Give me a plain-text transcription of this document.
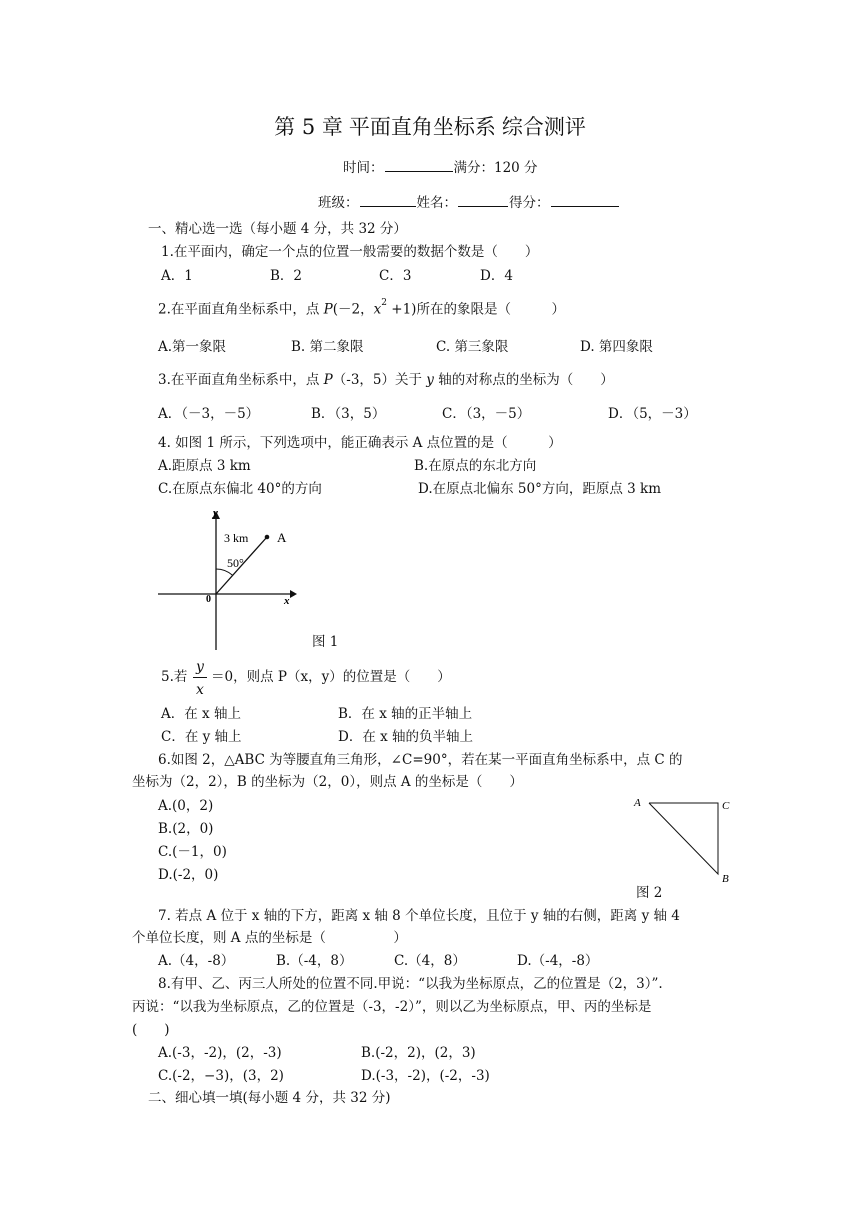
第 5 章 平面直角坐标系 综合测评
时间：	满分：120 分
班级：	姓名：	得分：
一、精心选一选（每小题 4 分，共 32 分）
1.在平面内，确定一个点的位置一般需要的数据个数是（　　）
A．1	B．2	C．3	D．4
2.在平面直角坐标系中，点 P(－2，$x^2 +1$)所在的象限是（　　　）
A.第一象限	B. 第二象限	C. 第三象限	D. 第四象限
3.在平面直角坐标系中，点 P（-3，5）关于 y 轴的对称点的坐标为（　　）
A．（－3，－5）	B．（3，5）	C．（3，－5）	D．（5，－3）
4. 如图 1 所示，下列选项中，能正确表示 A 点位置的是（　　　）
A.距原点 3 km	B.在原点的东北方向
C.在原点东偏北 40°的方向	D.在原点北偏东 50°方向，距原点 3 km
y
x
0
3 km
50°
A
图 1
5.若
y
x
＝0，则点 P（x，y）的位置是（　　）
A．在 x 轴上	B．在 x 轴的正半轴上
C．在 y 轴上	D．在 x 轴的负半轴上
6.如图 2，△ABC 为等腰直角三角形，∠C=90°，若在某一平面直角坐标系中，点 C 的
坐标为（2，2），B 的坐标为（2，0），则点 A 的坐标是（　　）
A.(0，2)
B.(2，0)
C.(－1，0)
D.(-2，0)
A	C
B
图 2
7. 若点 A 位于 x 轴的下方，距离 x 轴 8 个单位长度，且位于 y 轴的右侧，距离 y 轴 4
个单位长度，则 A 点的坐标是（　　　　　）
A.（4，-8）	B.（-4，8）	C.（4，8）	D.（-4，-8）
8.有甲、乙、丙三人所处的位置不同.甲说：“以我为坐标原点，乙的位置是（2，3）”.
丙说：“以我为坐标原点，乙的位置是（-3，-2）”，则以乙为坐标原点，甲、丙的坐标是
(　　)
A.(-3，-2)，(2，-3)	B.(-2，2)，(2，3)
C.(-2，−3)，(3，2)	D.(-3，-2)，(-2，-3)
二、细心填一填(每小题 4 分，共 32 分)
